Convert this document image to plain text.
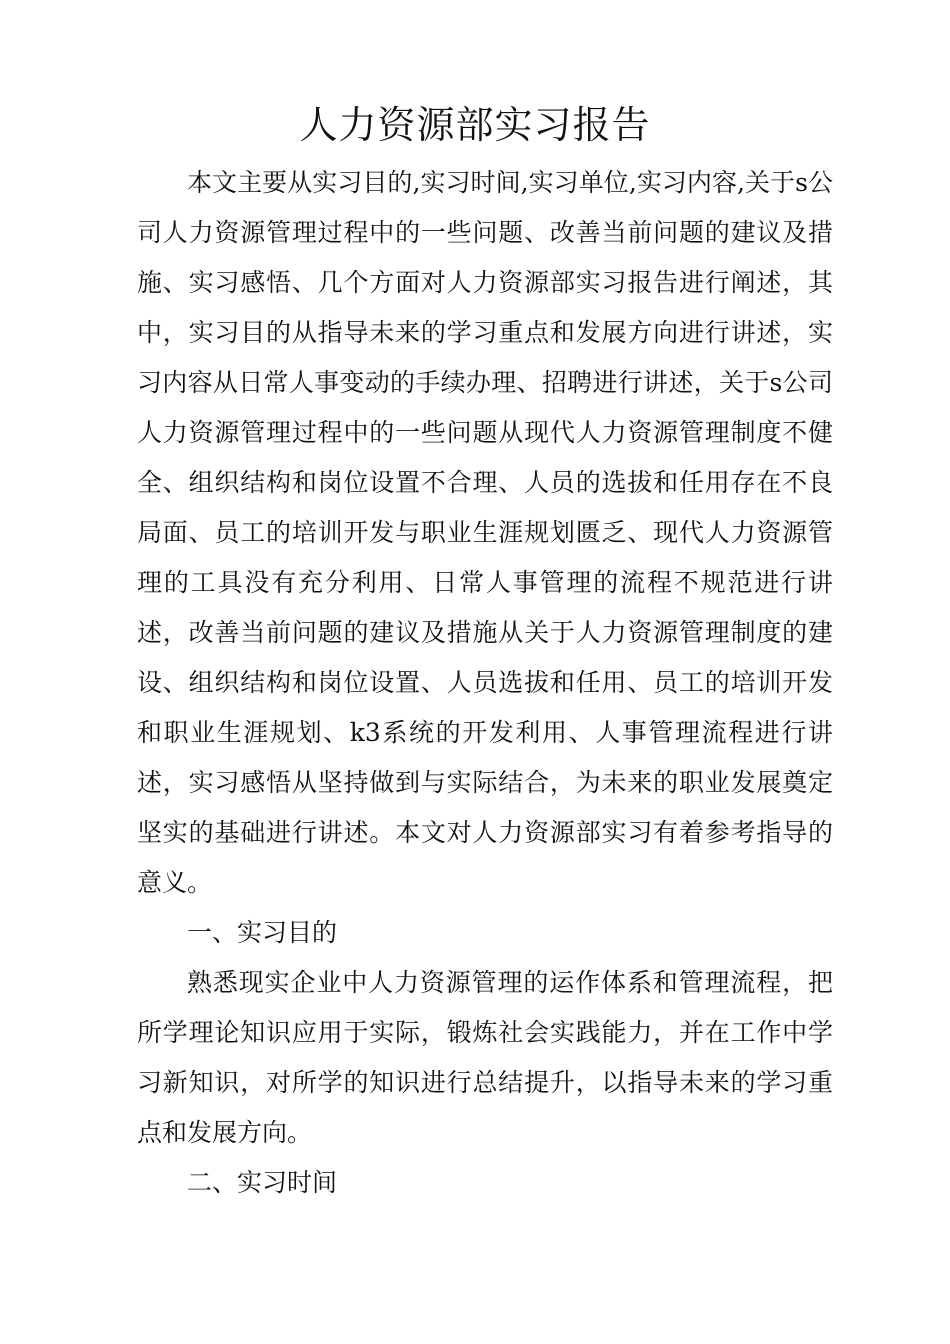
人力资源部实习报告

本文主要从实习目的,实习时间,实习单位,实习内容,关于s公司人力资源管理过程中的一些问题、改善当前问题的建议及措施、实习感悟、几个方面对人力资源部实习报告进行阐述，其中，实习目的从指导未来的学习重点和发展方向进行讲述，实习内容从日常人事变动的手续办理、招聘进行讲述，关于s公司人力资源管理过程中的一些问题从现代人力资源管理制度不健全、组织结构和岗位设置不合理、人员的选拔和任用存在不良局面、员工的培训开发与职业生涯规划匮乏、现代人力资源管理的工具没有充分利用、日常人事管理的流程不规范进行讲述，改善当前问题的建议及措施从关于人力资源管理制度的建设、组织结构和岗位设置、人员选拔和任用、员工的培训开发和职业生涯规划、k3系统的开发利用、人事管理流程进行讲述，实习感悟从坚持做到与实际结合，为未来的职业发展奠定坚实的基础进行讲述。本文对人力资源部实习有着参考指导的意义。

一、实习目的

熟悉现实企业中人力资源管理的运作体系和管理流程，把所学理论知识应用于实际，锻炼社会实践能力，并在工作中学习新知识，对所学的知识进行总结提升，以指导未来的学习重点和发展方向。

二、实习时间
